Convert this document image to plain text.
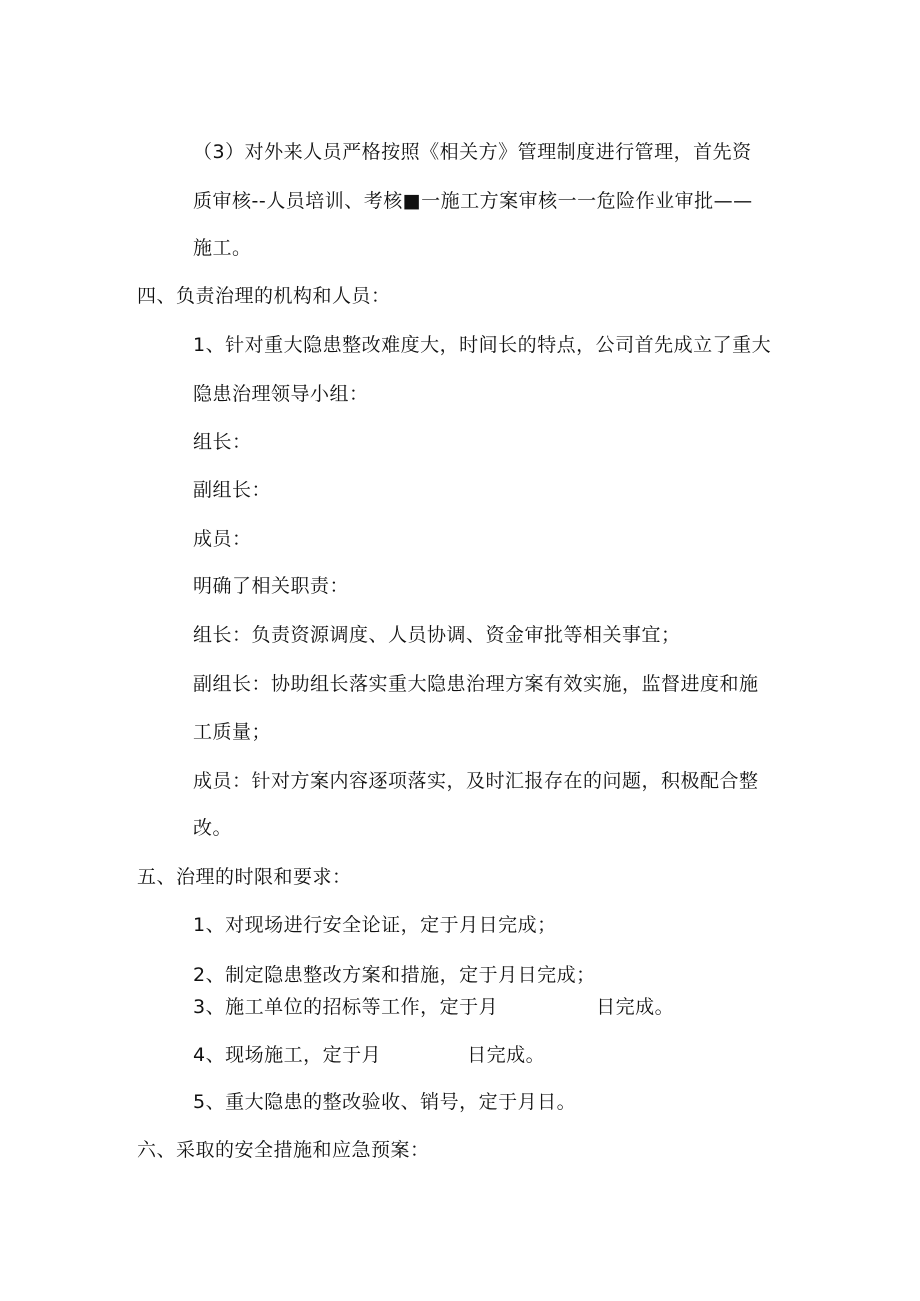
（3）对外来人员严格按照《相关方》管理制度进行管理，首先资
质审核--人员培训、考核■一施工方案审核一一危险作业审批——
施工。
四、负责治理的机构和人员：
1、针对重大隐患整改难度大，时间长的特点，公司首先成立了重大
隐患治理领导小组：
组长：
副组长：
成员：
明确了相关职责：
组长：负责资源调度、人员协调、资金审批等相关事宜；
副组长：协助组长落实重大隐患治理方案有效实施，监督进度和施
工质量；
成员：针对方案内容逐项落实，及时汇报存在的问题，积极配合整
改。
五、治理的时限和要求：
1、对现场进行安全论证，定于月日完成；
2、制定隐患整改方案和措施，定于月日完成；
3、施工单位的招标等工作，定于月	日完成。
4、现场施工，定于月	日完成。
5、重大隐患的整改验收、销号，定于月日。
六、采取的安全措施和应急预案：
